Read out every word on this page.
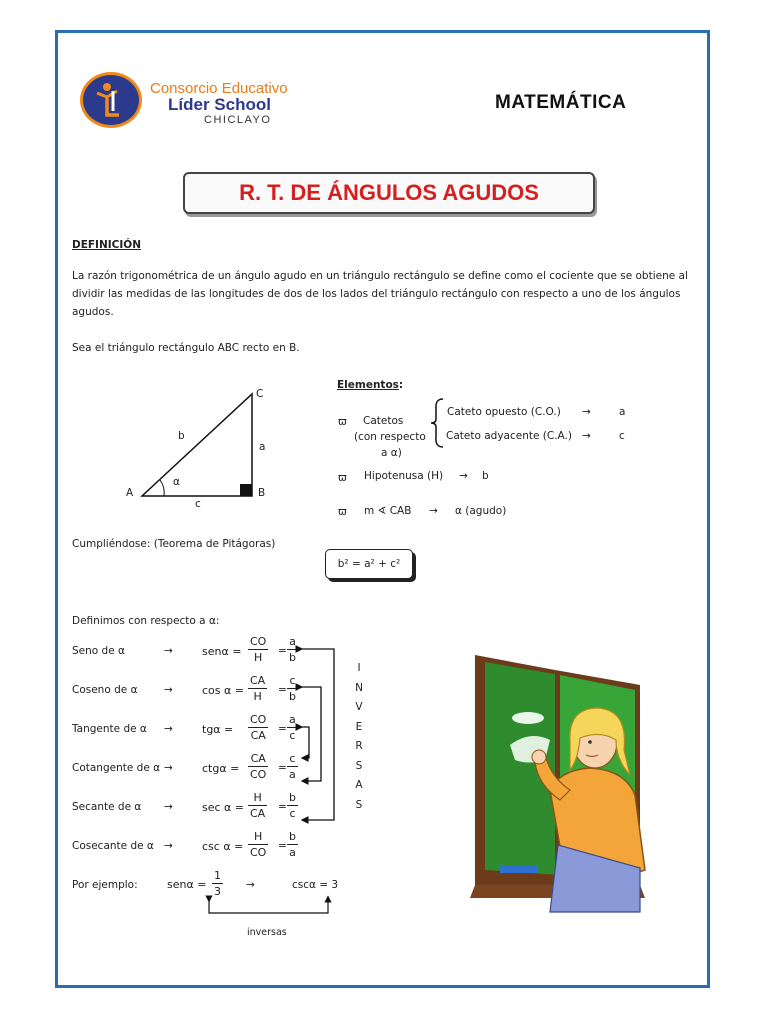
Consorcio Educativo
Líder School
CHICLAYO
MATEMÁTICA
R. T. DE ÁNGULOS AGUDOS
DEFINICIÓN
La razón trigonométrica de un ángulo agudo en un triángulo rectángulo se define como el cociente que se obtiene al dividir las medidas de las longitudes de dos de los lados del triángulo rectángulo con respecto a uno de los ángulos agudos.
Sea el triángulo rectángulo ABC recto en B.
C
A	B
b
a
c
α
Elementos:
ϖ Catetos
(con respecto
a α)
Cateto opuesto (C.O.) →	a
Cateto adyacente (C.A.) →	c
ϖ Hipotenusa (H) → b
ϖ m ∢ CAB → α (agudo)
Cumpliéndose: (Teorema de Pitágoras)
b² = a² + c²
Definimos con respecto a α:
Seno de α	→	$sen\alpha = \frac{CO}{H} = \frac{a}{b}$
Coseno de α	→	$\cos \alpha = \frac{CA}{H} = \frac{c}{b}$
Tangente de α →	$tg\alpha = \frac{CO}{CA} = \frac{a}{c}$
Cotangente de α →	$ctg\alpha = \frac{CA}{CO} = \frac{c}{a}$
Secante de α →	$\sec \alpha = \frac{H}{CA} = \frac{b}{c}$
Cosecante de α →	$\csc \alpha = \frac{H}{CO} = \frac{b}{a}$
I
N
V
E
R
S
A
S
Por ejemplo:	$sen\alpha = \frac{1}{3}$ →	cscα = 3
inversas
